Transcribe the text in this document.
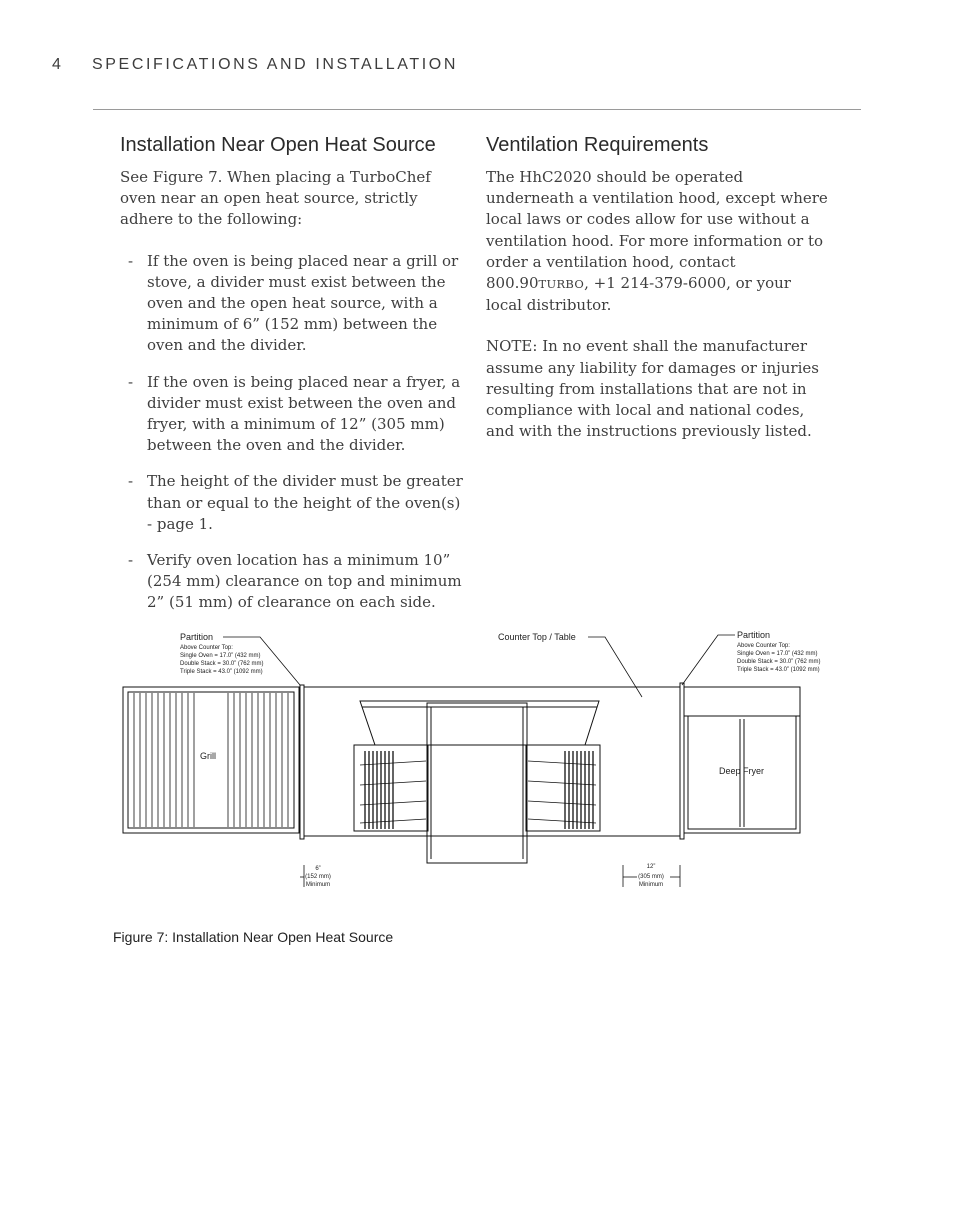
4 SPECIFICATIONS AND INSTALLATION
Installation Near Open Heat Source

See Figure 7. When placing a TurboChef oven near an open heat source, strictly adhere to the following:

- If the oven is being placed near a grill or stove, a divider must exist between the oven and the open heat source, with a minimum of 6” (152 mm) between the oven and the divider.
- If the oven is being placed near a fryer, a divider must exist between the oven and fryer, with a minimum of 12” (305 mm) between the oven and the divider.
- The height of the divider must be greater than or equal to the height of the oven(s) - page 1.
- Verify oven location has a minimum 10” (254 mm) clearance on top and minimum 2” (51 mm) of clearance on each side.
Ventilation Requirements

The HhC2020 should be operated underneath a ventilation hood, except where local laws or codes allow for use without a ventilation hood. For more information or to order a ventilation hood, contact 800.90TURBO, +1 214-379-6000, or your local distributor.

NOTE: In no event shall the manufacturer assume any liability for damages or injuries resulting from installations that are not in compliance with local and national codes, and with the instructions previously listed.

Partition
Above Counter Top:
Single Oven = 17.0” (432 mm)
Double Stack = 30.0” (762 mm)
Triple Stack = 43.0” (1092 mm)
Partition
Above Counter Top:
Single Oven = 17.0” (432 mm)
Double Stack = 30.0” (762 mm)
Triple Stack = 43.0” (1092 mm)
Counter Top / Table
Grill
Deep Fryer
6”
(152 mm)
Minimum
12”
(305 mm)
Minimum
Figure 7: Installation Near Open Heat Source
